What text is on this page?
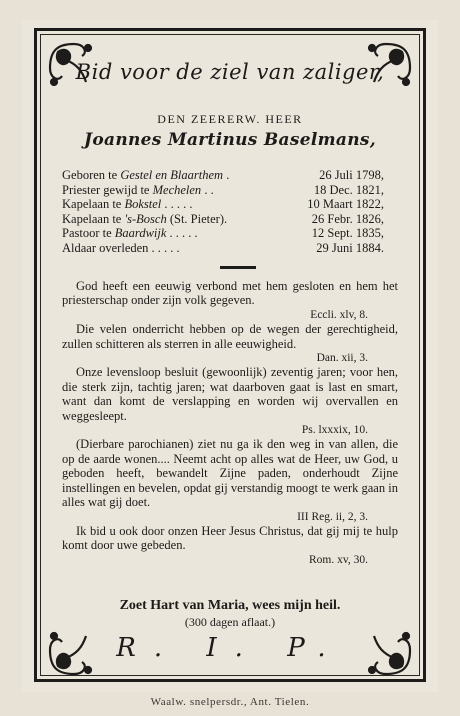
Bid voor de ziel van zaliger,
DEN ZEERERW. HEER
Joannes Martinus Baselmans,
Geboren te Gestel en Blaarthem .	26 Juli 1798,
Priester gewijd te Mechelen . .	18 Dec. 1821,
Kapelaan te Bokstel . . . . .	10 Maart 1822,
Kapelaan te 's-Bosch (St. Pieter).	26 Febr. 1826,
Pastoor te Baardwijk . . . . .	12 Sept. 1835,
Aldaar overleden . . . . .	29 Juni 1884.

God heeft een eeuwig verbond met hem gesloten en hem het priesterschap onder zijn volk gegeven.
Eccli. xlv, 8.

Die velen onderricht hebben op de wegen der gerechtigheid, zullen schitteren als sterren in alle eeuwigheid.
Dan. xii, 3.

Onze levensloop besluit (gewoonlijk) zeventig jaren; voor hen, die sterk zijn, tachtig jaren; wat daarboven gaat is last en smart, want dan komt de verslapping en worden wij overvallen en weggesleept.
Ps. lxxxix, 10.

(Dierbare parochianen) ziet nu ga ik den weg in van allen, die op de aarde wonen.... Neemt acht op alles wat de Heer, uw God, u geboden heeft, bewandelt Zijne paden, onderhoudt Zijne instellingen en bevelen, opdat gij verstandig moogt te werk gaan in alles wat gij doet.
III Reg. ii, 2, 3.

Ik bid u ook door onzen Heer Jesus Christus, dat gij mij te hulp komt door uwe gebeden.
Rom. xv, 30.

Zoet Hart van Maria, wees mijn heil.
(300 dagen aflaat.)
R. I. P.
Waalw. snelpersdr., Ant. Tielen.
